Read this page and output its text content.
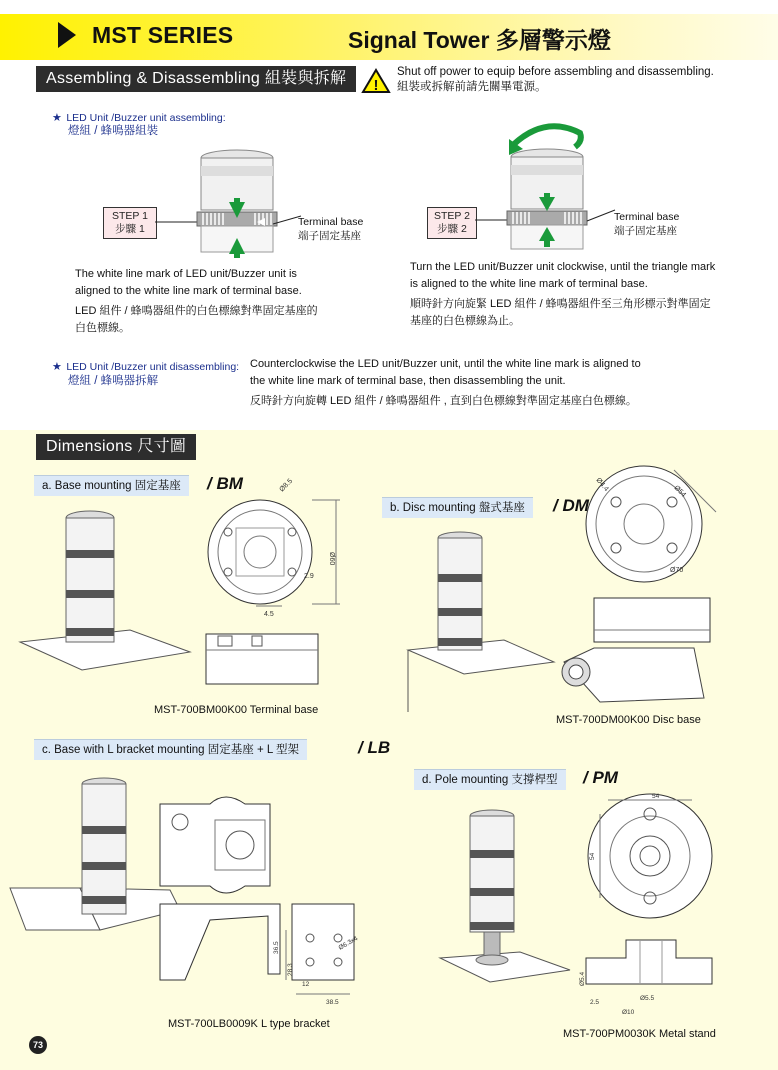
MST SERIES	Signal Tower 多層警示燈
Assembling & Disassembling 組裝與拆解	!
Shut off power to equip before assembling and disassembling.
組裝或拆解前請先關畢電源。
★ LED Unit /Buzzer unit assembling:
燈組 / 蜂鳴器組裝
STEP 1
步驟 1
Terminal base
端子固定基座
STEP 2
步驟 2
Terminal base
端子固定基座
The white line mark of LED unit/Buzzer unit is
aligned to the white line mark of terminal base.
LED 組件 / 蜂鳴器組件的白色標線對準固定基座的
白色標線。
Turn the LED unit/Buzzer unit clockwise, until the triangle mark
is aligned to the white line mark of terminal base.
順時針方向旋緊 LED 組件 / 蜂鳴器組件至三角形標示對準固定
基座的白色標線為止。
★ LED Unit /Buzzer unit disassembling:
燈組 / 蜂鳴器拆解
Counterclockwise the LED unit/Buzzer unit, until the white line mark is aligned to
the white line mark of terminal base, then disassembling the unit.
反時針方向旋轉 LED 組件 / 蜂鳴器組件 , 直到白色標線對準固定基座白色標線。
Dimensions 尺寸圖
a. Base mounting 固定基座	/ BM
Ø60
Ø8.5
2.9
4.5
MST-700BM00K00 Terminal base
b. Disc mounting 盤式基座	/ DM
Ø54
Ø70
Ø4.4
MST-700DM00K00 Disc base
c. Base with L bracket mounting 固定基座 + L 型架	/ LB
36.5
28.3
12
38.5
Ø6.3x4
MST-700LB0009K L type bracket
d. Pole mounting 支撐桿型	/ PM
54
54
Ø5.5
Ø10
Ø5.4
2.5
MST-700PM0030K Metal stand
73
